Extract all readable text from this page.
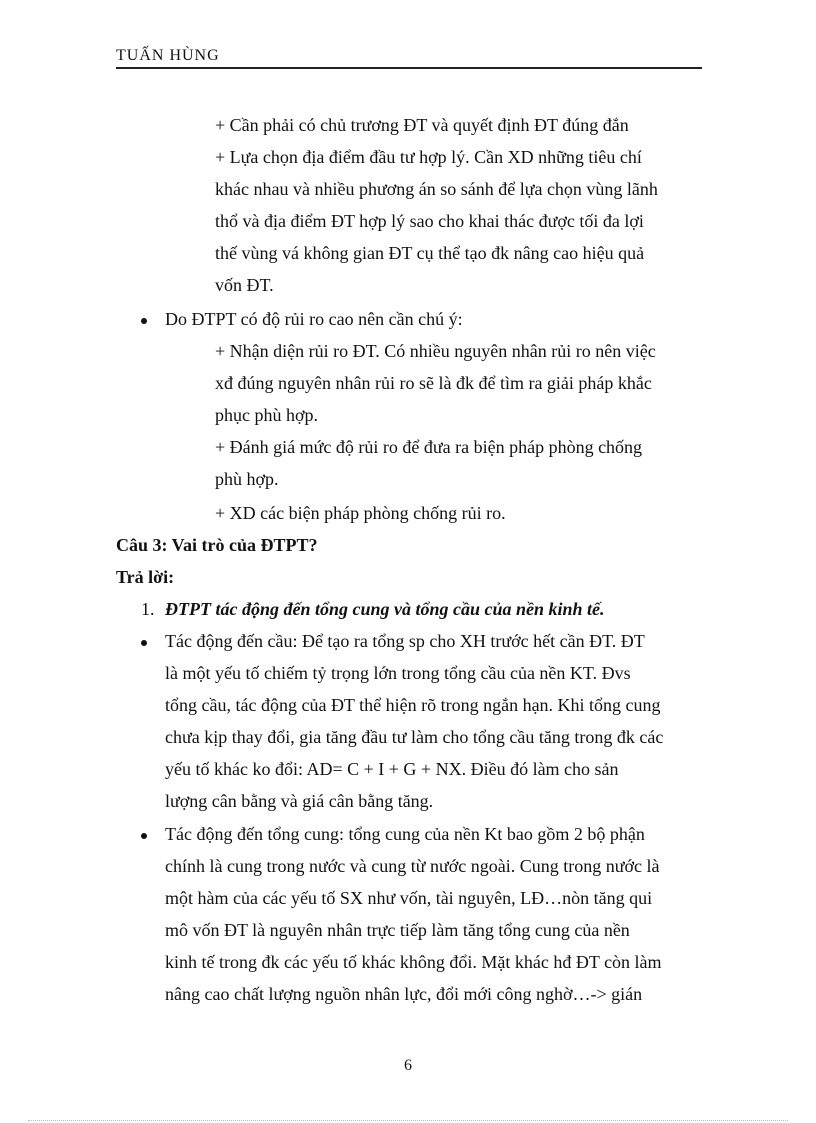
TUẤN HÙNG
+ Cần phải có chủ trương ĐT và quyết định ĐT đúng đắn
+ Lựa chọn địa điểm đầu tư hợp lý. Cần XD những tiêu chí
khác nhau và nhiều phương án so sánh để lựa chọn vùng lãnh
thổ và địa điểm ĐT hợp lý sao cho khai thác được tối đa lợi
thế vùng vá không gian ĐT cụ thể tạo đk nâng cao hiệu quả
vốn ĐT.
Do ĐTPT có độ rủi ro cao nên cần chú ý:
+ Nhận diện rủi ro ĐT. Có nhiều nguyên nhân rủi ro nên việc
xđ đúng nguyên nhân rủi ro sẽ là đk để tìm ra giải pháp khắc
phục phù hợp.
+ Đánh giá mức độ rủi ro để đưa ra biện pháp phòng chống
phù hợp.
+ XD các biện pháp phòng chống rủi ro.
Câu 3: Vai trò của ĐTPT?
Trả lời:
1. ĐTPT tác động đến tổng cung và tổng cầu của nền kinh tế.
Tác động đến cầu: Để tạo ra tổng sp cho XH trước hết cần ĐT. ĐT
là một yếu tố chiếm tỷ trọng lớn trong tổng cầu của nền KT. Đvs
tổng cầu, tác động của ĐT thể hiện rõ trong ngắn hạn. Khi tổng cung
chưa kịp thay đổi, gia tăng đầu tư làm cho tổng cầu tăng trong đk các
yếu tố khác ko đổi: AD= C + I + G + NX. Điều đó làm cho sản
lượng cân bằng và giá cân bằng tăng.
Tác động đến tổng cung: tổng cung của nền Kt bao gồm 2 bộ phận
chính là cung trong nước và cung từ nước ngoài. Cung trong nước là
một hàm của các yếu tố SX như vốn, tài nguyên, LĐ…nòn tăng qui
mô vốn ĐT là nguyên nhân trực tiếp làm tăng tổng cung của nền
kinh tế trong đk các yếu tố khác không đổi. Mặt khác hđ ĐT còn làm
nâng cao chất lượng nguồn nhân lực, đổi mới công nghờ…-> gián
6
